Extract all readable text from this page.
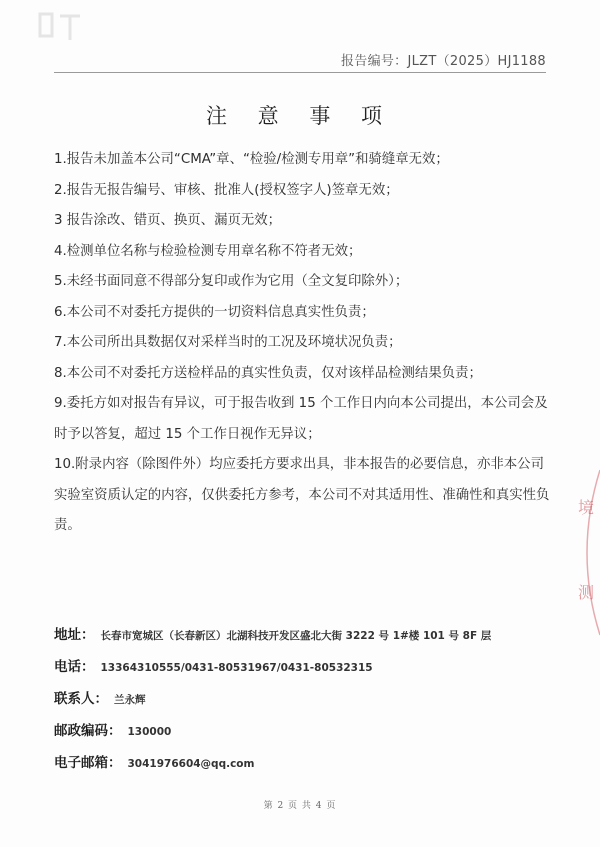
报告编号：JLZT（2025）HJ1188
注 意 事 项

1.报告未加盖本公司“CMA”章、“检验/检测专用章”和骑缝章无效；

2.报告无报告编号、审核、批准人(授权签字人)签章无效；

3 报告涂改、错页、换页、漏页无效；

4.检测单位名称与检验检测专用章名称不符者无效；

5.未经书面同意不得部分复印或作为它用（全文复印除外）；

6.本公司不对委托方提供的一切资料信息真实性负责；

7.本公司所出具数据仅对采样当时的工况及环境状况负责；

8.本公司不对委托方送检样品的真实性负责，仅对该样品检测结果负责；

9.委托方如对报告有异议，可于报告收到 15 个工作日内向本公司提出，本公司会及时予以答复，超过 15 个工作日视作无异议；

10.附录内容（除图件外）均应委托方要求出具，非本报告的必要信息，亦非本公司实验室资质认定的内容，仅供委托方参考，本公司不对其适用性、准确性和真实性负责。

地址： 长春市宽城区（长春新区）北湖科技开发区盛北大街 3222 号 1#楼 101 号 8F 层
电话： 13364310555/0431-80531967/0431-80532315
联系人： 兰永辉
邮政编码： 130000
电子邮箱： 3041976604@qq.com
第 2 页 共 4 页
境
测
